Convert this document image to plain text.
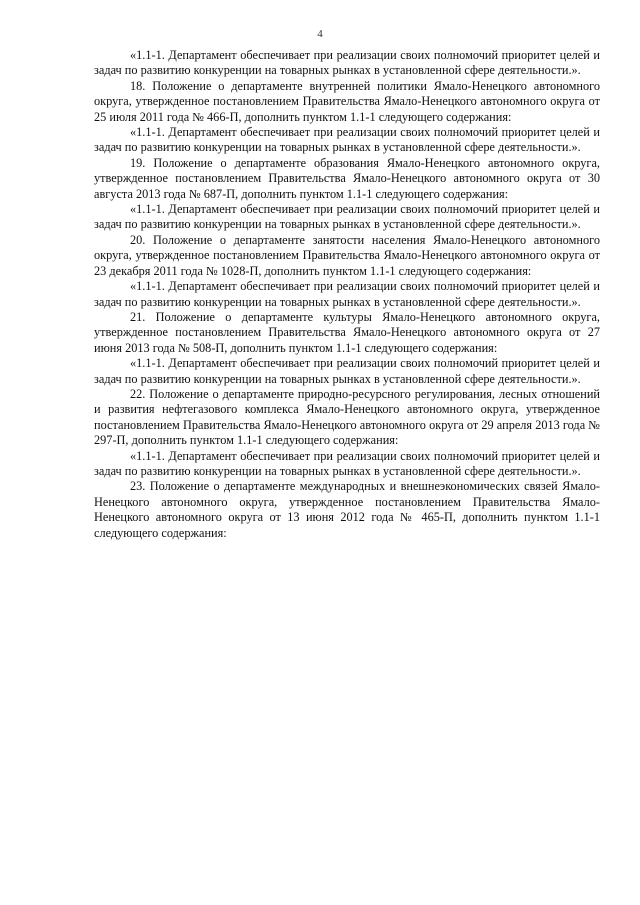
4

«1.1-1. Департамент обеспечивает при реализации своих полномочий приоритет целей и задач по развитию конкуренции на товарных рынках в установленной сфере деятельности.».

18. Положение о департаменте внутренней политики Ямало-Ненецкого автономного округа, утвержденное постановлением Правительства Ямало-Ненецкого автономного округа от 25 июля 2011 года № 466-П, дополнить пунктом 1.1-1 следующего содержания:

«1.1-1. Департамент обеспечивает при реализации своих полномочий приоритет целей и задач по развитию конкуренции на товарных рынках в установленной сфере деятельности.».

19. Положение о департаменте образования Ямало-Ненецкого автономного округа, утвержденное постановлением Правительства Ямало-Ненецкого автономного округа от 30 августа 2013 года № 687-П, дополнить пунктом 1.1-1 следующего содержания:

«1.1-1. Департамент обеспечивает при реализации своих полномочий приоритет целей и задач по развитию конкуренции на товарных рынках в установленной сфере деятельности.».

20. Положение о департаменте занятости населения Ямало-Ненецкого автономного округа, утвержденное постановлением Правительства Ямало-Ненецкого автономного округа от 23 декабря 2011 года № 1028-П, дополнить пунктом 1.1-1 следующего содержания:

«1.1-1. Департамент обеспечивает при реализации своих полномочий приоритет целей и задач по развитию конкуренции на товарных рынках в установленной сфере деятельности.».

21. Положение о департаменте культуры Ямало-Ненецкого автономного округа, утвержденное постановлением Правительства Ямало-Ненецкого автономного округа от 27 июня 2013 года № 508-П, дополнить пунктом 1.1-1 следующего содержания:

«1.1-1. Департамент обеспечивает при реализации своих полномочий приоритет целей и задач по развитию конкуренции на товарных рынках в установленной сфере деятельности.».

22. Положение о департаменте природно-ресурсного регулирования, лесных отношений и развития нефтегазового комплекса Ямало-Ненецкого автономного округа, утвержденное постановлением Правительства Ямало-Ненецкого автономного округа от 29 апреля 2013 года № 297-П, дополнить пунктом 1.1-1 следующего содержания:

«1.1-1. Департамент обеспечивает при реализации своих полномочий приоритет целей и задач по развитию конкуренции на товарных рынках в установленной сфере деятельности.».

23. Положение о департаменте международных и внешнеэкономических связей Ямало-Ненецкого автономного округа, утвержденное постановлением Правительства Ямало-Ненецкого автономного округа от 13 июня 2012 года № 465-П, дополнить пунктом 1.1-1 следующего содержания:
